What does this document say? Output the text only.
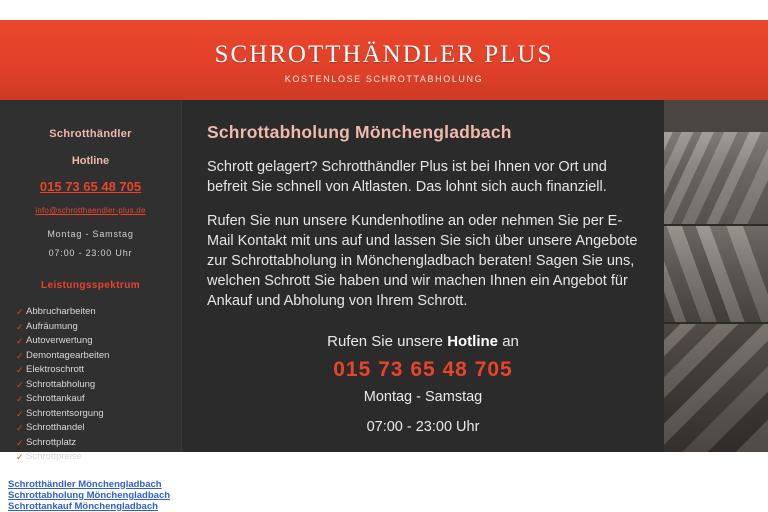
SCHROTTHÄNDLER PLUS
KOSTENLOSE SCHROTTABHOLUNG
Schrotthändler
Hotline
015 73 65 48 705
info@schrotthaendler-plus.de
Montag - Samstag
07:00 - 23:00 Uhr
Leistungsspektrum
✓ Abbrucharbeiten
✓ Aufräumung
✓ Autoverwertung
✓ Demontagearbeiten
✓ Elektroschrott
✓ Schrottabholung
✓ Schrottankauf
✓ Schrottentsorgung
✓ Schrotthandel
✓ Schrottplatz
✓ Schrottpreise
Schrotthändler Mönchengladbach
Schrottabholung Mönchengladbach
Schrottankauf Mönchengladbach
Schrottabholung Mönchengladbach

Schrott gelagert? Schrotthändler Plus ist bei Ihnen vor Ort und befreit Sie schnell von Altlasten. Das lohnt sich auch finanziell.

Rufen Sie nun unsere Kundenhotline an oder nehmen Sie per E-Mail Kontakt mit uns auf und lassen Sie sich über unsere Angebote zur Schrottabholung in Mönchengladbach beraten! Sagen Sie uns, welchen Schrott Sie haben und wir machen Ihnen ein Angebot für Ankauf und Abholung von Ihrem Schrott.

Rufen Sie unsere Hotline an
015 73 65 48 705
Montag - Samstag
07:00 - 23:00 Uhr
